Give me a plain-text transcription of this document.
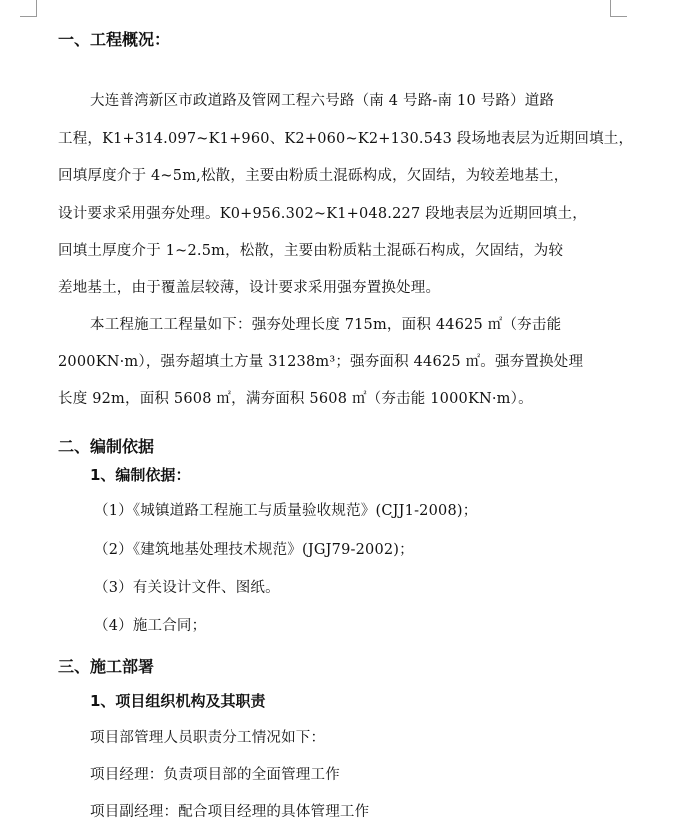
一、工程概况：
大连普湾新区市政道路及管网工程六号路（南 4 号路-南 10 号路）道路
工程，K1+314.097~K1+960、K2+060~K2+130.543 段场地表层为近期回填土，
回填厚度介于 4~5m,松散，主要由粉质土混砾构成，欠固结，为较差地基土，
设计要求采用强夯处理。K0+956.302~K1+048.227 段地表层为近期回填土，
回填土厚度介于 1~2.5m，松散，主要由粉质粘土混砾石构成，欠固结，为较
差地基土，由于覆盖层较薄，设计要求采用强夯置换处理。
本工程施工工程量如下：强夯处理长度 715m，面积 44625 ㎡（夯击能
2000KN·m），强夯超填土方量 31238m³；强夯面积 44625 ㎡。强夯置换处理
长度 92m，面积 5608 ㎡，满夯面积 5608 ㎡（夯击能 1000KN·m）。
二、编制依据
1、编制依据：
（1）《城镇道路工程施工与质量验收规范》(CJJ1-2008)；
（2）《建筑地基处理技术规范》(JGJ79-2002)；
（3）有关设计文件、图纸。
（4）施工合同；
三、施工部署
1、项目组织机构及其职责
项目部管理人员职责分工情况如下：
项目经理：负责项目部的全面管理工作
项目副经理：配合项目经理的具体管理工作
